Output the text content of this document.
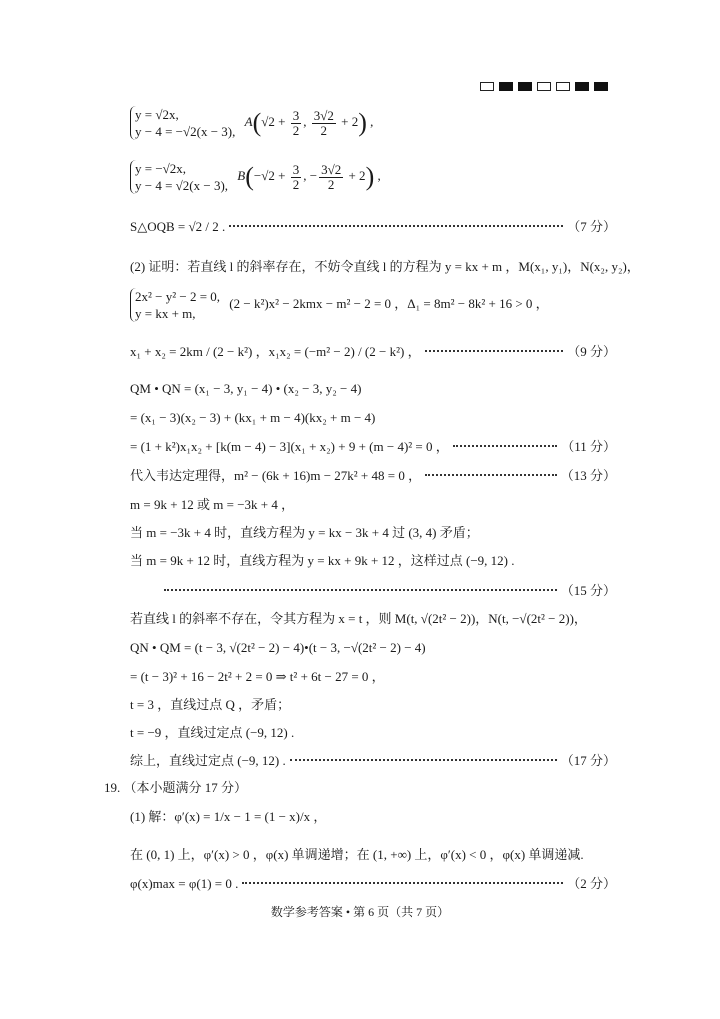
y = √2x,
y − 4 = −√2(x − 3), $A(√2 + \frac{3}{2}$ , $\frac{3√2}{2} + 2$) ,
y = −√2x,
y − 4 = √2(x − 3), $B(-√2 + \frac{3}{2}$ , − $\frac{3√2}{2} + 2$) ,
S△OQB = √2 / 2 .	（7 分）
(2) 证明：若直线 l 的斜率存在，不妨令直线 l 的方程为 y = kx + m ，M(x₁, y₁)，N(x₂, y₂)，
2x² − y² − 2 = 0,
y = kx + m, (2 − k²)x² − 2kmx − m² − 2 = 0 ，Δ₁ = 8m² − 8k² + 16 > 0 ，
x₁ + x₂ = 2km / (2 − k²) ，x₁x₂ = (−m² − 2) / (2 − k²) ，	（9 分）
QM • QN = (x₁ − 3, y₁ − 4) • (x₂ − 3, y₂ − 4)
= (x₁ − 3)(x₂ − 3) + (kx₁ + m − 4)(kx₂ + m − 4)
= (1 + k²)x₁x₂ + [k(m − 4) − 3](x₁ + x₂) + 9 + (m − 4)² = 0 ，	（11 分）
代入韦达定理得，m² − (6k + 16)m − 27k² + 48 = 0 ，	（13 分）
m = 9k + 12 或 m = −3k + 4 ，
当 m = −3k + 4 时，直线方程为 y = kx − 3k + 4 过 (3, 4) 矛盾；
当 m = 9k + 12 时，直线方程为 y = kx + 9k + 12 ，这样过点 (−9, 12) .
（15 分）
若直线 l 的斜率不存在，令其方程为 x = t ，则 M(t, √(2t² − 2))，N(t, −√(2t² − 2))，
QN • QM = (t − 3, √(2t² − 2) − 4)•(t − 3, −√(2t² − 2) − 4)
= (t − 3)² + 16 − 2t² + 2 = 0 ⇒ t² + 6t − 27 = 0 ，
t = 3 ，直线过点 Q ，矛盾；
t = −9 ，直线过定点 (−9, 12) .
综上，直线过定点 (−9, 12) .	（17 分）
19. （本小题满分 17 分）
(1) 解：φ′(x) = 1/x − 1 = (1 − x)/x ，
在 (0, 1) 上，φ′(x) > 0 ，φ(x) 单调递增；在 (1, +∞) 上，φ′(x) < 0 ，φ(x) 单调递减.
φ(x)max = φ(1) = 0 .	（2 分）
数学参考答案 • 第 6 页（共 7 页）
